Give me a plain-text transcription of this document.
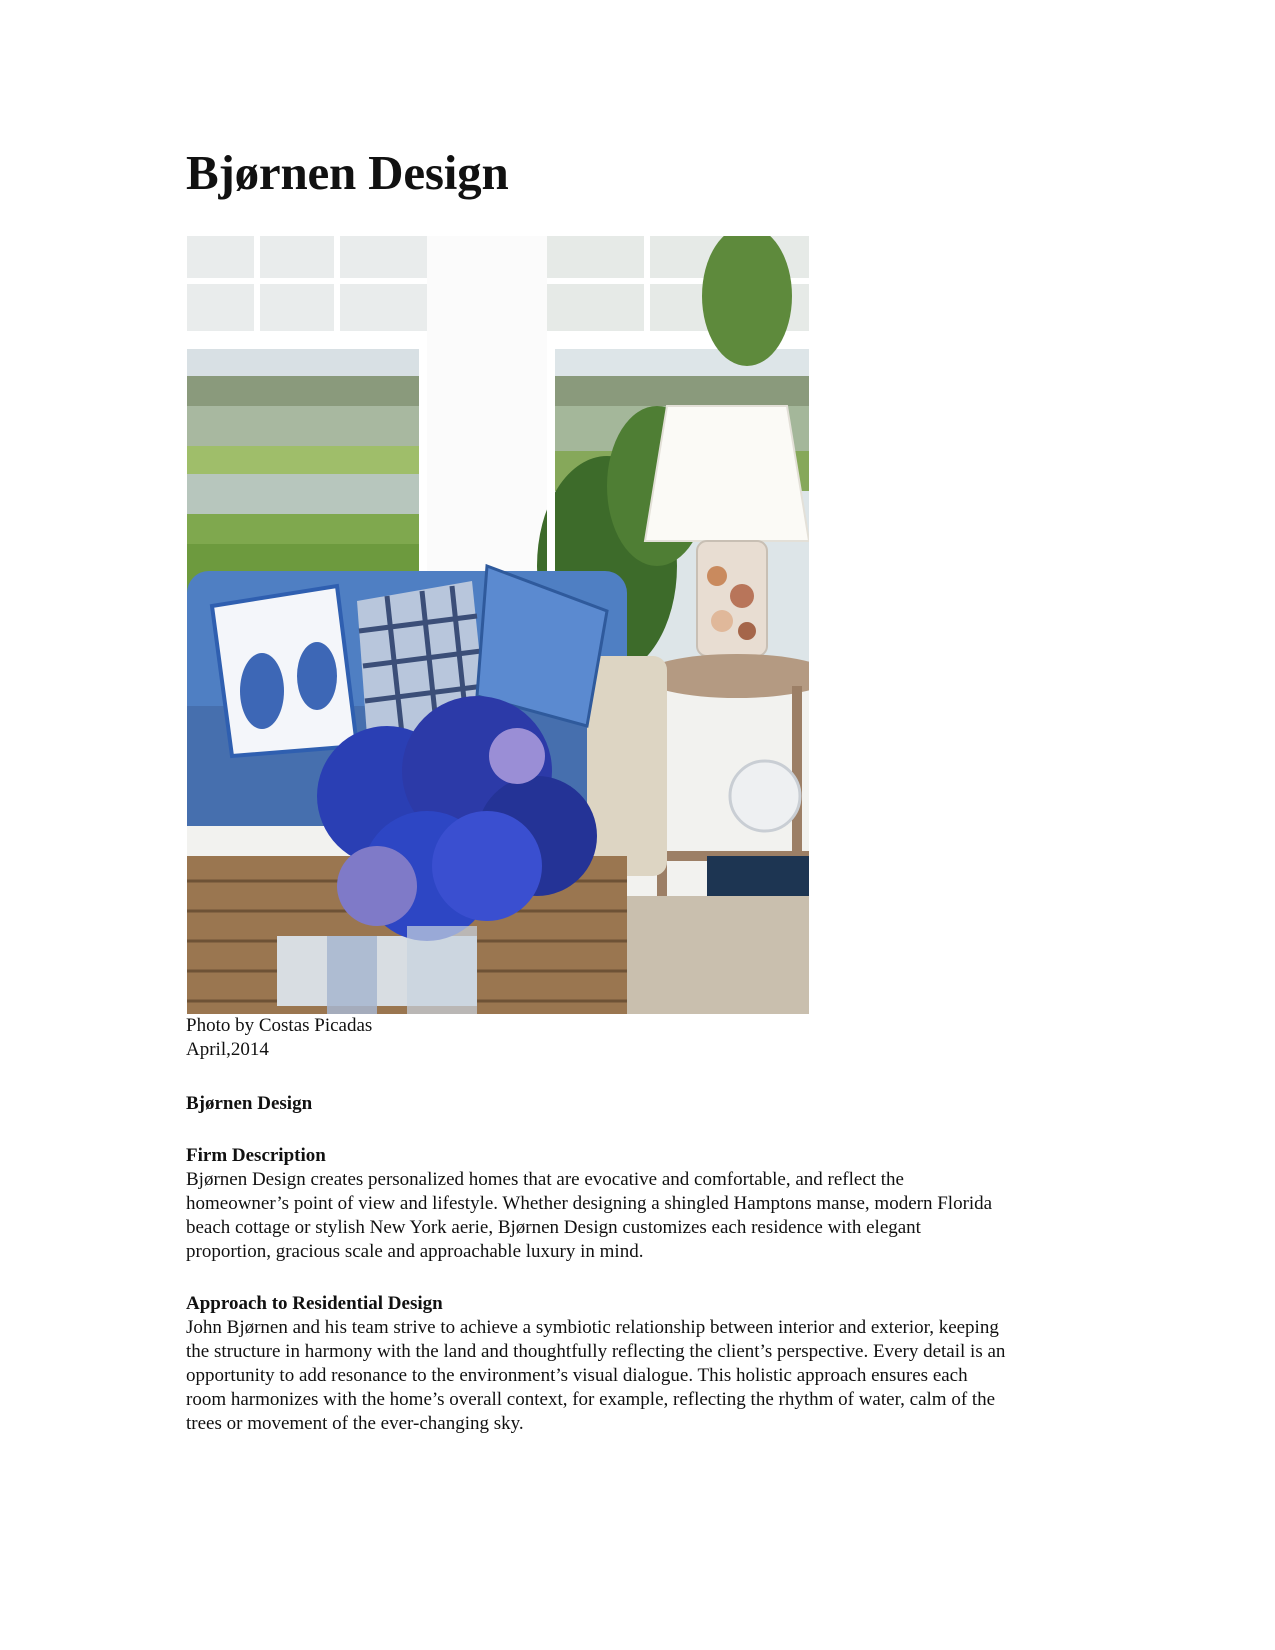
Bjørnen Design
Photo by Costas Picadas
April,2014
Bjørnen Design
Firm Description

Bjørnen Design creates personalized homes that are evocative and comfortable, and reflect the
homeowner’s point of view and lifestyle. Whether designing a shingled Hamptons manse, modern Florida
beach cottage or stylish New York aerie, Bjørnen Design customizes each residence with elegant
proportion, gracious scale and approachable luxury in mind.

Approach to Residential Design

John Bjørnen and his team strive to achieve a symbiotic relationship between interior and exterior, keeping
the structure in harmony with the land and thoughtfully reflecting the client’s perspective. Every detail is an
opportunity to add resonance to the environment’s visual dialogue. This holistic approach ensures each
room harmonizes with the home’s overall context, for example, reflecting the rhythm of water, calm of the
trees or movement of the ever-changing sky.
